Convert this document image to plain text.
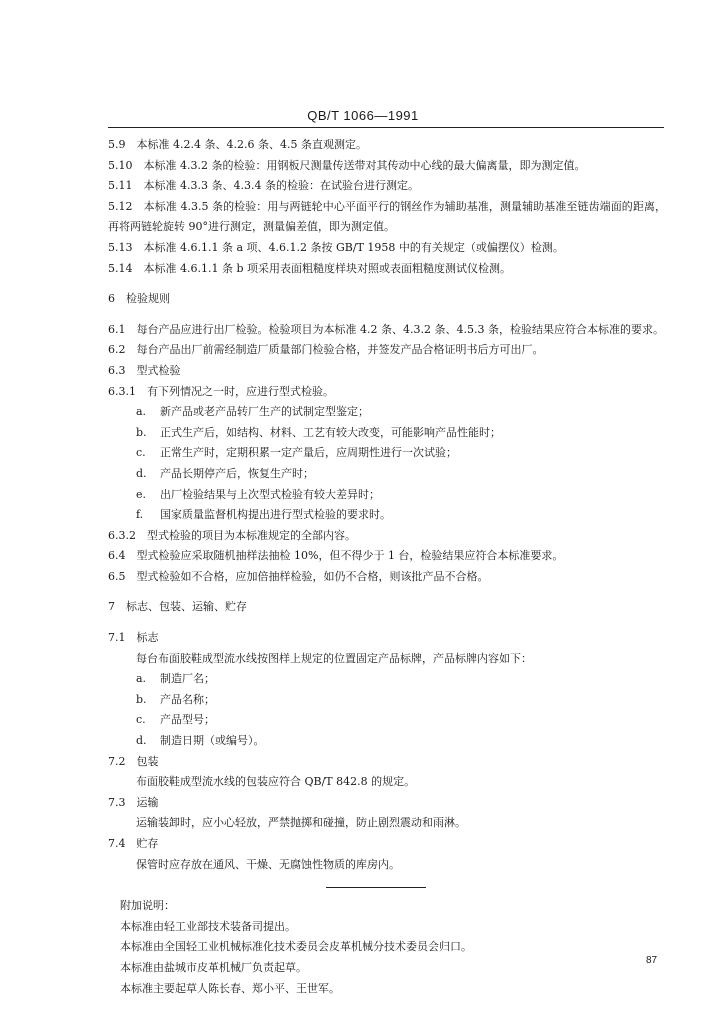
QB/T 1066—1991
5.9　 本标准 4.2.4 条、4.2.6 条、4.5 条直观测定。
5.10　 本标准 4.3.2 条的检验：用钢板尺测量传送带对其传动中心线的最大偏离量，即为测定值。
5.11　 本标准 4.3.3 条、4.3.4 条的检验：在试验台进行测定。
5.12　 本标准 4.3.5 条的检验：用与两链轮中心平面平行的钢丝作为辅助基准，测量辅助基准至链齿端面的距离，再将两链轮旋转 90°进行测定，测量偏差值，即为测定值。
5.13　 本标准 4.6.1.1 条 a 项、4.6.1.2 条按 GB/T 1958 中的有关规定（或偏摆仪）检测。
5.14　 本标准 4.6.1.1 条 b 项采用表面粗糙度样块对照或表面粗糙度测试仪检测。
6　检验规则
6.1　 每台产品应进行出厂检验。检验项目为本标准 4.2 条、4.3.2 条、4.5.3 条，检验结果应符合本标准的要求。
6.2　 每台产品出厂前需经制造厂质量部门检验合格，并签发产品合格证明书后方可出厂。
6.3　 型式检验
6.3.1　 有下列情况之一时，应进行型式检验。
a. 新产品或老产品转厂生产的试制定型鉴定；
b. 正式生产后，如结构、材料、工艺有较大改变，可能影响产品性能时；
c. 正常生产时，定期积累一定产量后，应周期性进行一次试验；
d. 产品长期停产后，恢复生产时；
e. 出厂检验结果与上次型式检验有较大差异时；
f. 国家质量监督机构提出进行型式检验的要求时。
6.3.2　 型式检验的项目为本标准规定的全部内容。
6.4　 型式检验应采取随机抽样法抽检 10%，但不得少于 1 台，检验结果应符合本标准要求。
6.5　 型式检验如不合格，应加倍抽样检验，如仍不合格，则该批产品不合格。
7　标志、包装、运输、贮存
7.1　 标志
每台布面胶鞋成型流水线按图样上规定的位置固定产品标牌，产品标牌内容如下：
a. 制造厂名；
b. 产品名称；
c. 产品型号；
d. 制造日期（或编号）。
7.2　 包装
布面胶鞋成型流水线的包装应符合 QB/T 842.8 的规定。
7.3　 运输
运输装卸时，应小心轻放，严禁抛掷和碰撞，防止剧烈震动和雨淋。
7.4　 贮存
保管时应存放在通风、干燥、无腐蚀性物质的库房内。
附加说明：
本标准由轻工业部技术装备司提出。
本标准由全国轻工业机械标准化技术委员会皮革机械分技术委员会归口。
本标准由盐城市皮革机械厂负责起草。
本标准主要起草人陈长春、郑小平、王世军。
87
